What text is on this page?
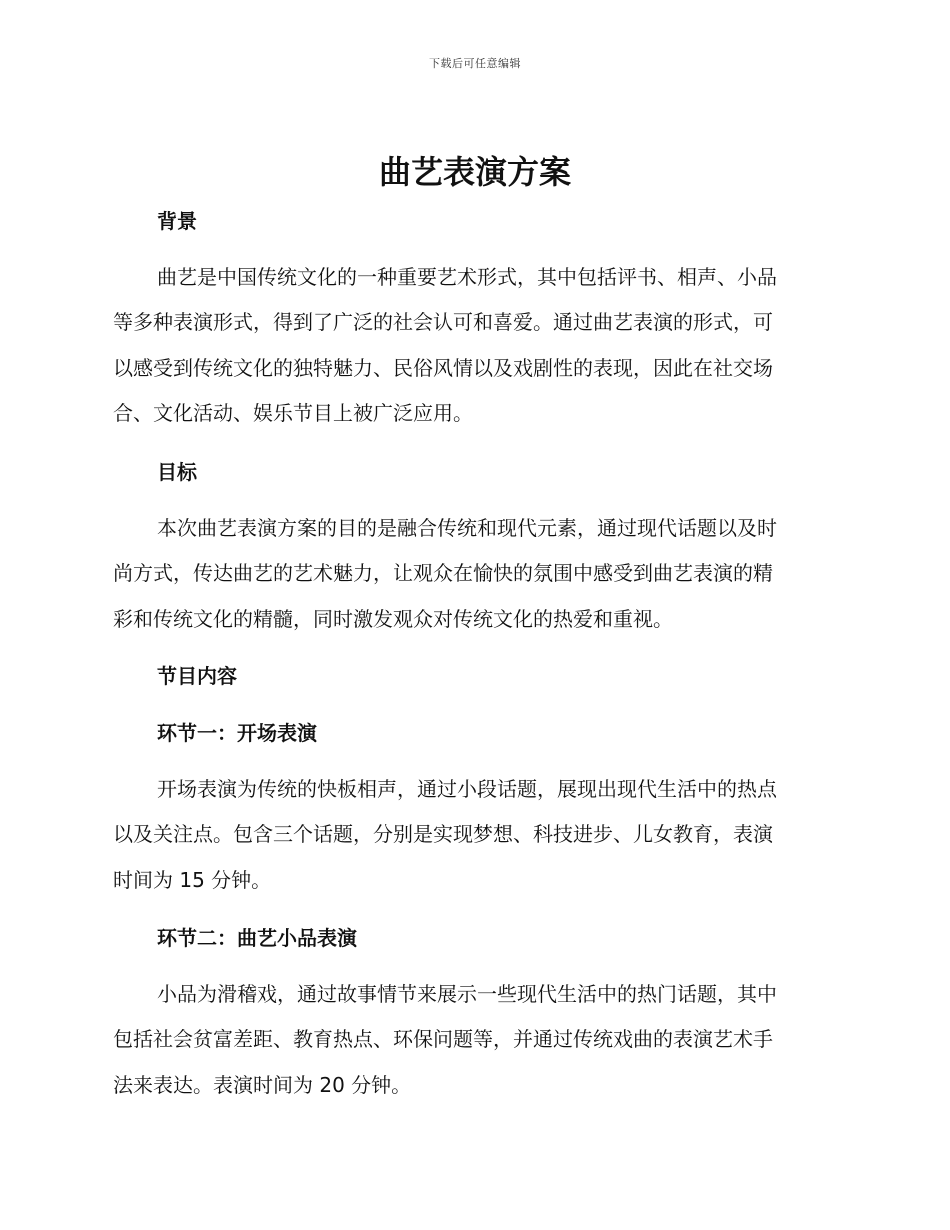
下载后可任意编辑
曲艺表演方案
背景

曲艺是中国传统文化的一种重要艺术形式，其中包括评书、相声、小品
等多种表演形式，得到了广泛的社会认可和喜爱。通过曲艺表演的形式，可
以感受到传统文化的独特魅力、民俗风情以及戏剧性的表现，因此在社交场
合、文化活动、娱乐节目上被广泛应用。

目标

本次曲艺表演方案的目的是融合传统和现代元素，通过现代话题以及时
尚方式，传达曲艺的艺术魅力，让观众在愉快的氛围中感受到曲艺表演的精
彩和传统文化的精髓，同时激发观众对传统文化的热爱和重视。

节目内容
环节一：开场表演

开场表演为传统的快板相声，通过小段话题，展现出现代生活中的热点
以及关注点。包含三个话题，分别是实现梦想、科技进步、儿女教育，表演
时间为 15 分钟。

环节二：曲艺小品表演

小品为滑稽戏，通过故事情节来展示一些现代生活中的热门话题，其中
包括社会贫富差距、教育热点、环保问题等，并通过传统戏曲的表演艺术手
法来表达。表演时间为 20 分钟。
